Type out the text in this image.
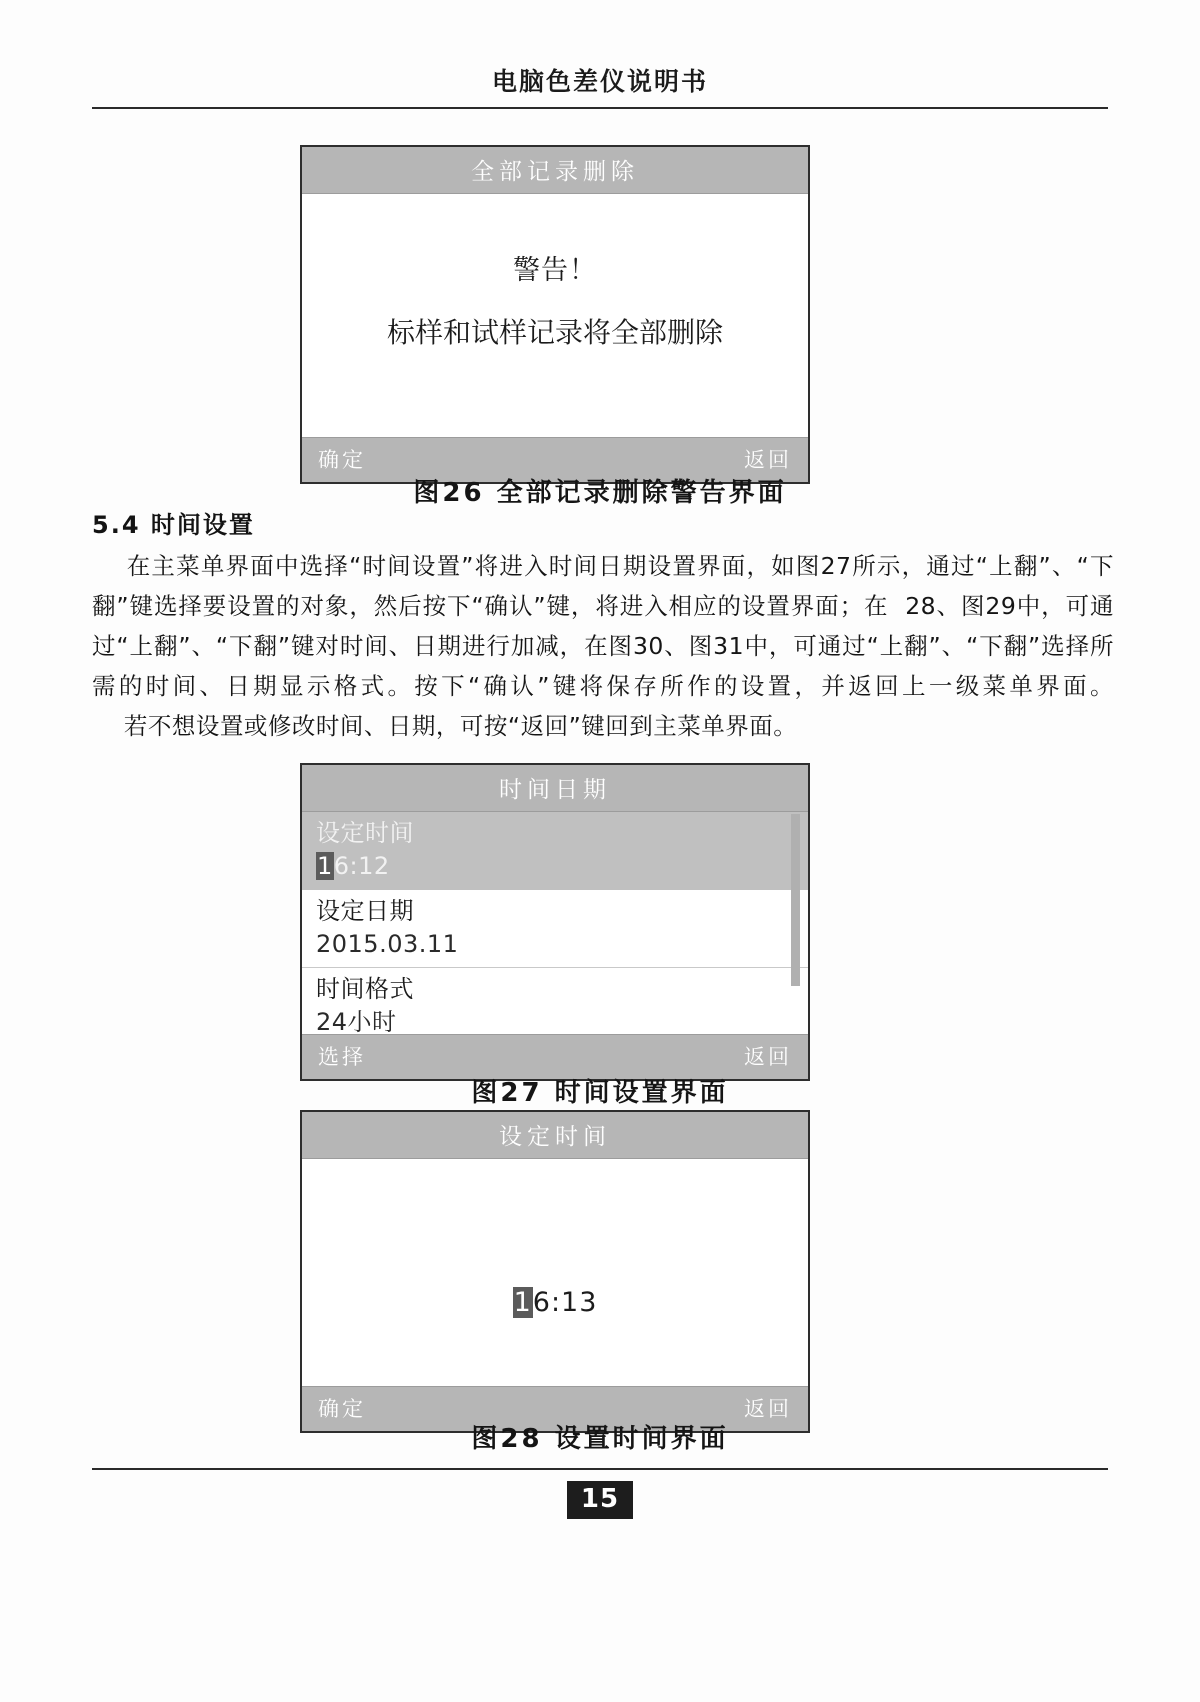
电脑色差仪说明书
全部记录删除
警告！
标样和试样记录将全部删除
确定	返回
图26 全部记录删除警告界面
5.4 时间设置

在主菜单界面中选择“时间设置”将进入时间日期设置界面，如图27所示，通过“上翻”、“下翻”键选择要设置的对象，然后按下“确认”键，将进入相应的设置界面；在  28、图29中，可通过“上翻”、“下翻”键对时间、日期进行加减，在图30、图31中，可通过“上翻”、“下翻”选择所需的时间、日期显示格式。按下“确认”键将保存所作的设置，并返回上一级菜单界面。

若不想设置或修改时间、日期，可按“返回”键回到主菜单界面。

时间日期
设定时间
16:12
设定日期
2015.03.11
时间格式
24小时
选择	返回
图27 时间设置界面
设定时间
16:13
确定	返回
图28 设置时间界面
15
